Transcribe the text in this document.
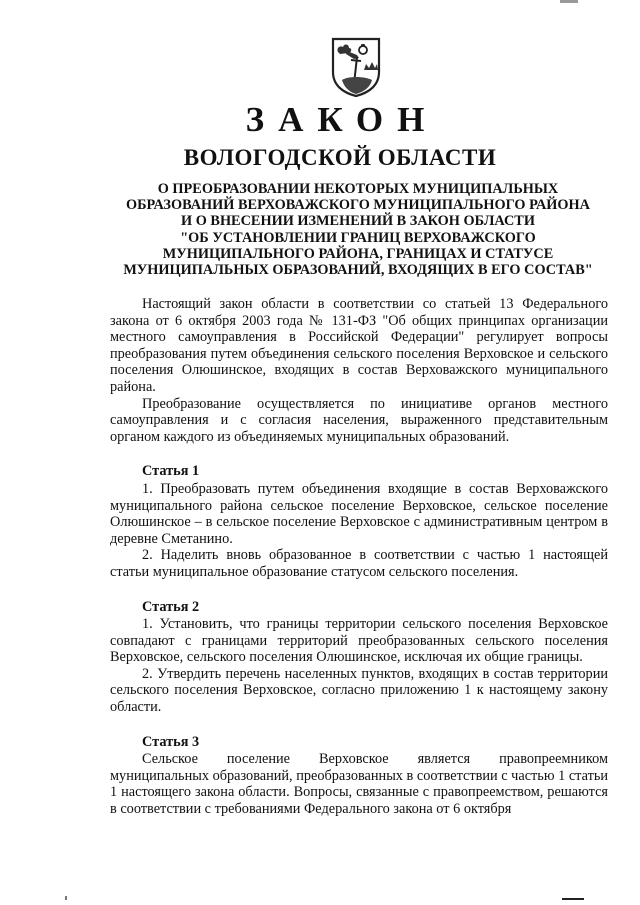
ЗАКОН
ВОЛОГОДСКОЙ ОБЛАСТИ
О ПРЕОБРАЗОВАНИИ НЕКОТОРЫХ МУНИЦИПАЛЬНЫХ
ОБРАЗОВАНИЙ ВЕРХОВАЖСКОГО МУНИЦИПАЛЬНОГО РАЙОНА
И О ВНЕСЕНИИ ИЗМЕНЕНИЙ В ЗАКОН ОБЛАСТИ
"ОБ УСТАНОВЛЕНИИ ГРАНИЦ ВЕРХОВАЖСКОГО
МУНИЦИПАЛЬНОГО РАЙОНА, ГРАНИЦАХ И СТАТУСЕ
МУНИЦИПАЛЬНЫХ ОБРАЗОВАНИЙ, ВХОДЯЩИХ В ЕГО СОСТАВ"

Настоящий закон области в соответствии со статьей 13 Федерального закона от 6 октября 2003 года № 131-ФЗ "Об общих принципах организации местного самоуправления в Российской Федерации" регулирует вопросы преобразования путем объединения сельского поселения Верховское и сельского поселения Олюшинское, входящих в состав Верховажского муниципального района.

Преобразование осуществляется по инициативе органов местного самоуправления и с согласия населения, выраженного представительным органом каждого из объединяемых муниципальных образований.

Статья 1

1. Преобразовать путем объединения входящие в состав Верховажского муниципального района сельское поселение Верховское, сельское поселение Олюшинское – в сельское поселение Верховское с административным центром в деревне Сметанино.

2. Наделить вновь образованное в соответствии с частью 1 настоящей статьи муниципальное образование статусом сельского поселения.

Статья 2

1. Установить, что границы территории сельского поселения Верховское совпадают с границами территорий преобразованных сельского поселения Верховское, сельского поселения Олюшинское, исключая их общие границы.

2. Утвердить перечень населенных пунктов, входящих в состав территории сельского поселения Верховское, согласно приложению 1 к настоящему закону области.

Статья 3

Сельское поселение Верховское является правопреемником муниципальных образований, преобразованных в соответствии с частью 1 статьи 1 настоящего закона области. Вопросы, связанные с правопреемством, решаются в соответствии с требованиями Федерального закона от 6 октября
